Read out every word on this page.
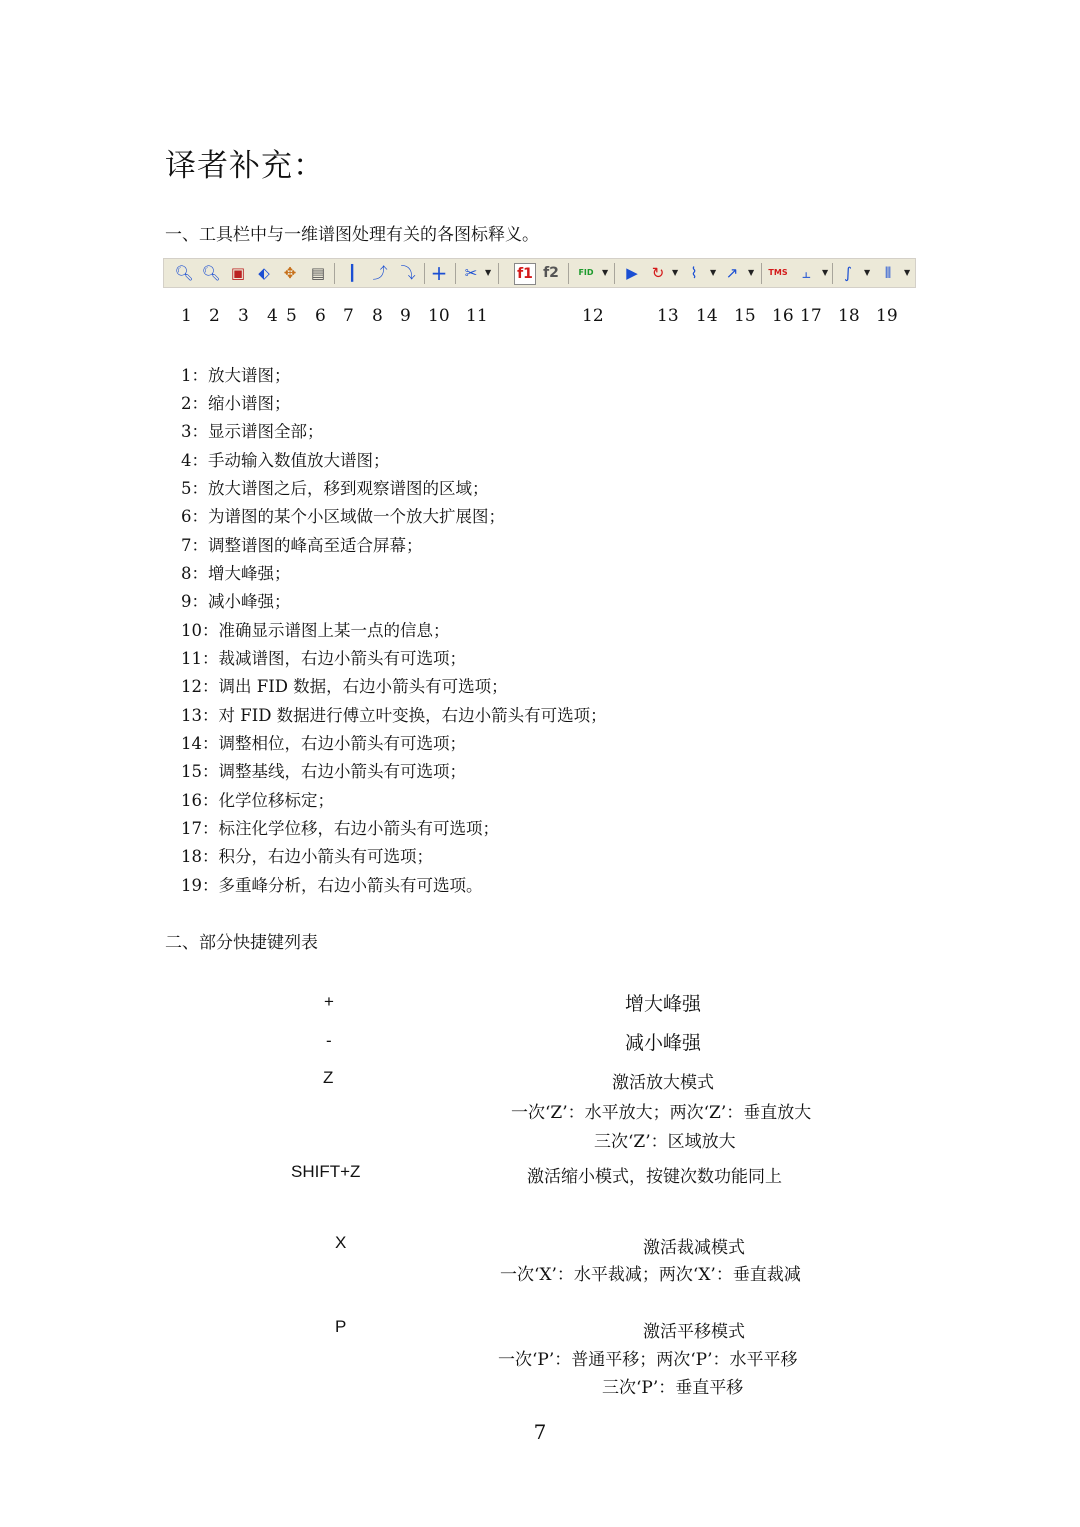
译者补充：
一、工具栏中与一维谱图处理有关的各图标释义。
🔍︎ 🔍︎ ▣ ⬖ ✥ ▤	┃	⤴ ⤵ + ✂ ▼ f1 f2	FID	▼ ▶ ↻ ▼ ⌇	▼ ↗	▼ TMS ⫠	▼	∫	▼ ⫴	▼
1 2 3 4 5 6 7 8 9 10 11	12	13 14 15 16 17 18 19
1：放大谱图；
2：缩小谱图；
3：显示谱图全部；
4：手动输入数值放大谱图；
5：放大谱图之后，移到观察谱图的区域；
6：为谱图的某个小区域做一个放大扩展图；
7：调整谱图的峰高至适合屏幕；
8：增大峰强；
9：减小峰强；
10：准确显示谱图上某一点的信息；
11：裁减谱图，右边小箭头有可选项；
12：调出 FID 数据，右边小箭头有可选项；
13：对 FID 数据进行傅立叶变换，右边小箭头有可选项；
14：调整相位，右边小箭头有可选项；
15：调整基线，右边小箭头有可选项；
16：化学位移标定；
17：标注化学位移，右边小箭头有可选项；
18：积分，右边小箭头有可选项；
19：多重峰分析，右边小箭头有可选项。
二、部分快捷键列表
+	增大峰强
-	减小峰强
Z	激活放大模式
一次‘Z’：水平放大；两次‘Z’：垂直放大
三次‘Z’：区域放大
SHIFT+Z	激活缩小模式，按键次数功能同上
X	激活裁减模式
一次‘X’：水平裁减；两次‘X’：垂直裁减
P	激活平移模式
一次‘P’：普通平移；两次‘P’：水平平移
三次‘P’：垂直平移
7
